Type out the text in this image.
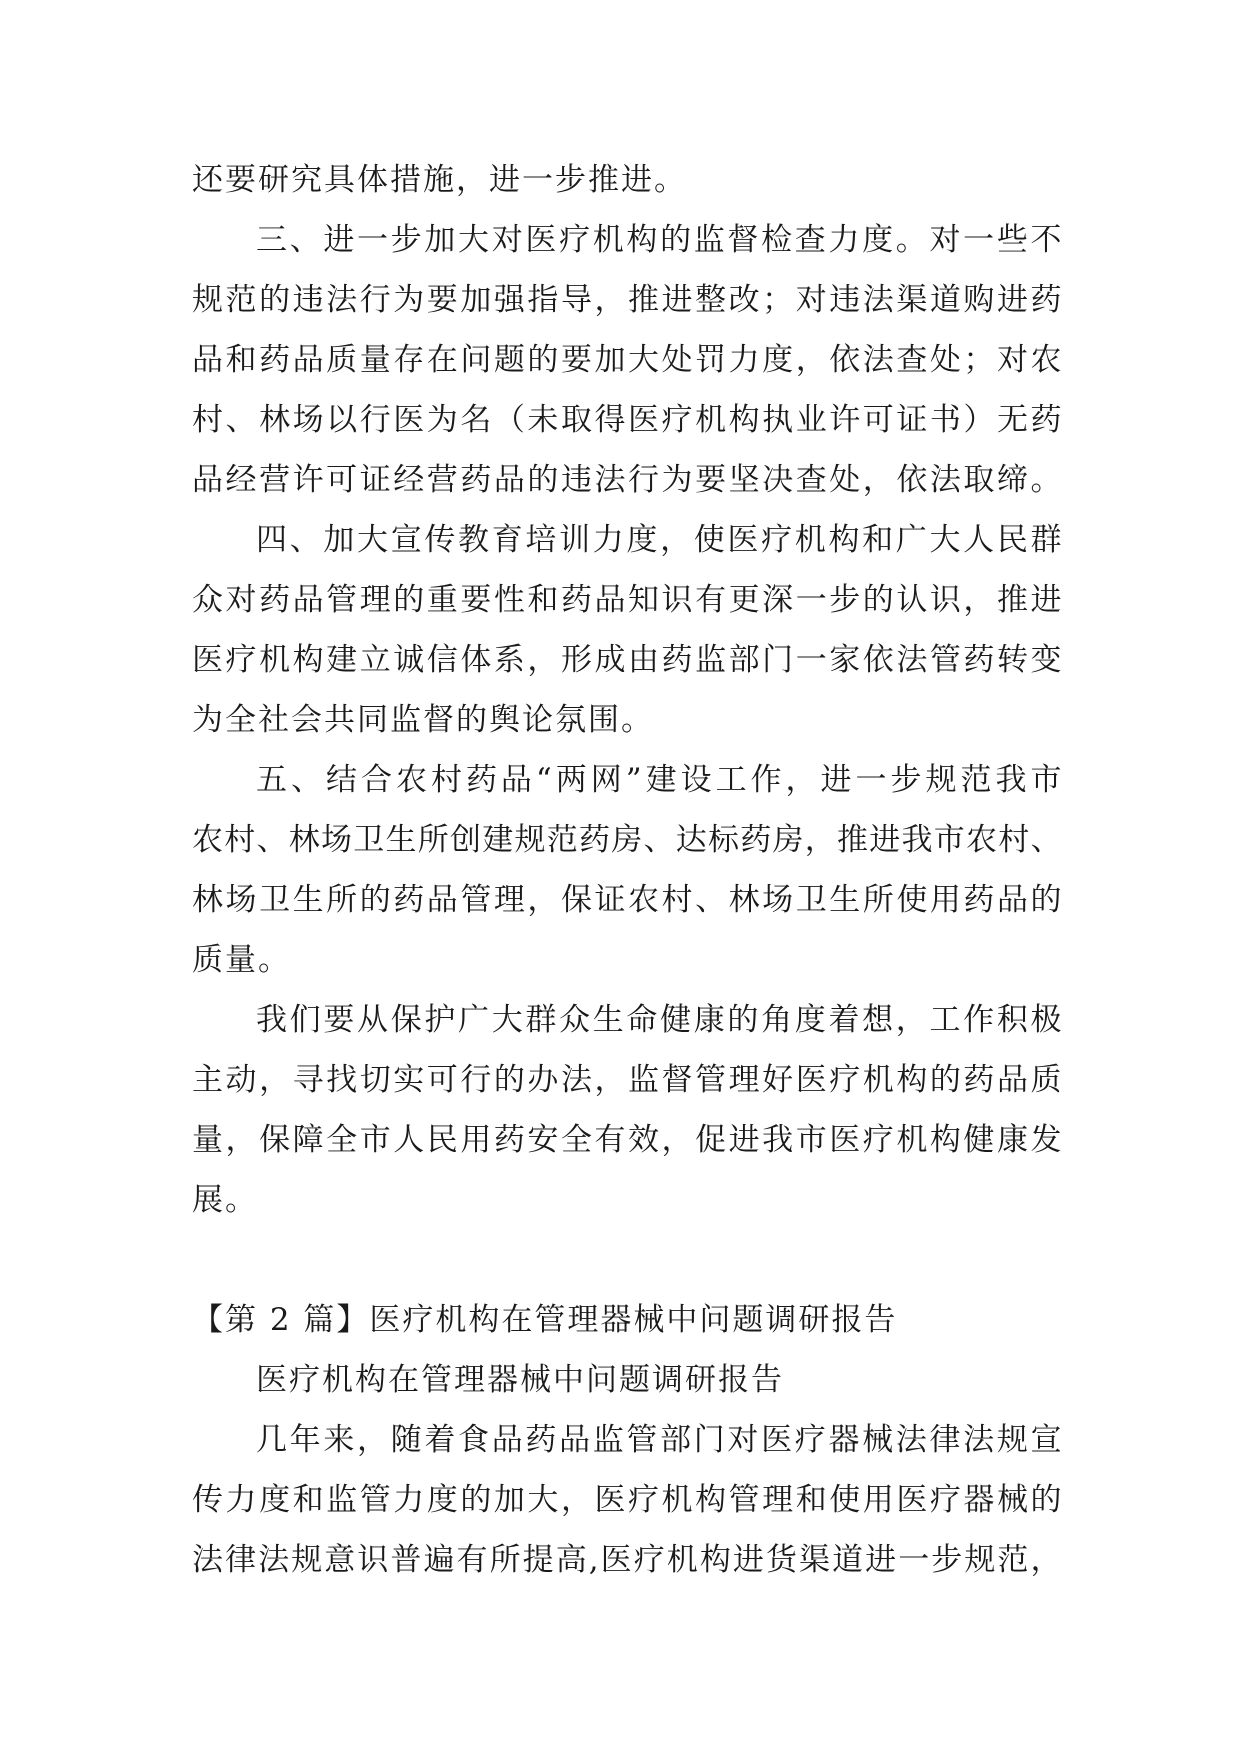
还要研究具体措施，进一步推进。
三、进一步加大对医疗机构的监督检查力度。对一些不
规范的违法行为要加强指导，推进整改；对违法渠道购进药
品和药品质量存在问题的要加大处罚力度，依法查处；对农
村、林场以行医为名（未取得医疗机构执业许可证书）无药
品经营许可证经营药品的违法行为要坚决查处，依法取缔。
四、加大宣传教育培训力度，使医疗机构和广大人民群
众对药品管理的重要性和药品知识有更深一步的认识，推进
医疗机构建立诚信体系，形成由药监部门一家依法管药转变
为全社会共同监督的舆论氛围。
五、结合农村药品“两网”建设工作，进一步规范我市
农村、林场卫生所创建规范药房、达标药房，推进我市农村、
林场卫生所的药品管理，保证农村、林场卫生所使用药品的
质量。
我们要从保护广大群众生命健康的角度着想，工作积极
主动，寻找切实可行的办法，监督管理好医疗机构的药品质
量，保障全市人民用药安全有效，促进我市医疗机构健康发
展。
【第 2 篇】医疗机构在管理器械中问题调研报告
医疗机构在管理器械中问题调研报告
几年来，随着食品药品监管部门对医疗器械法律法规宣
传力度和监管力度的加大，医疗机构管理和使用医疗器械的
法律法规意识普遍有所提高,医疗机构进货渠道进一步规范，
